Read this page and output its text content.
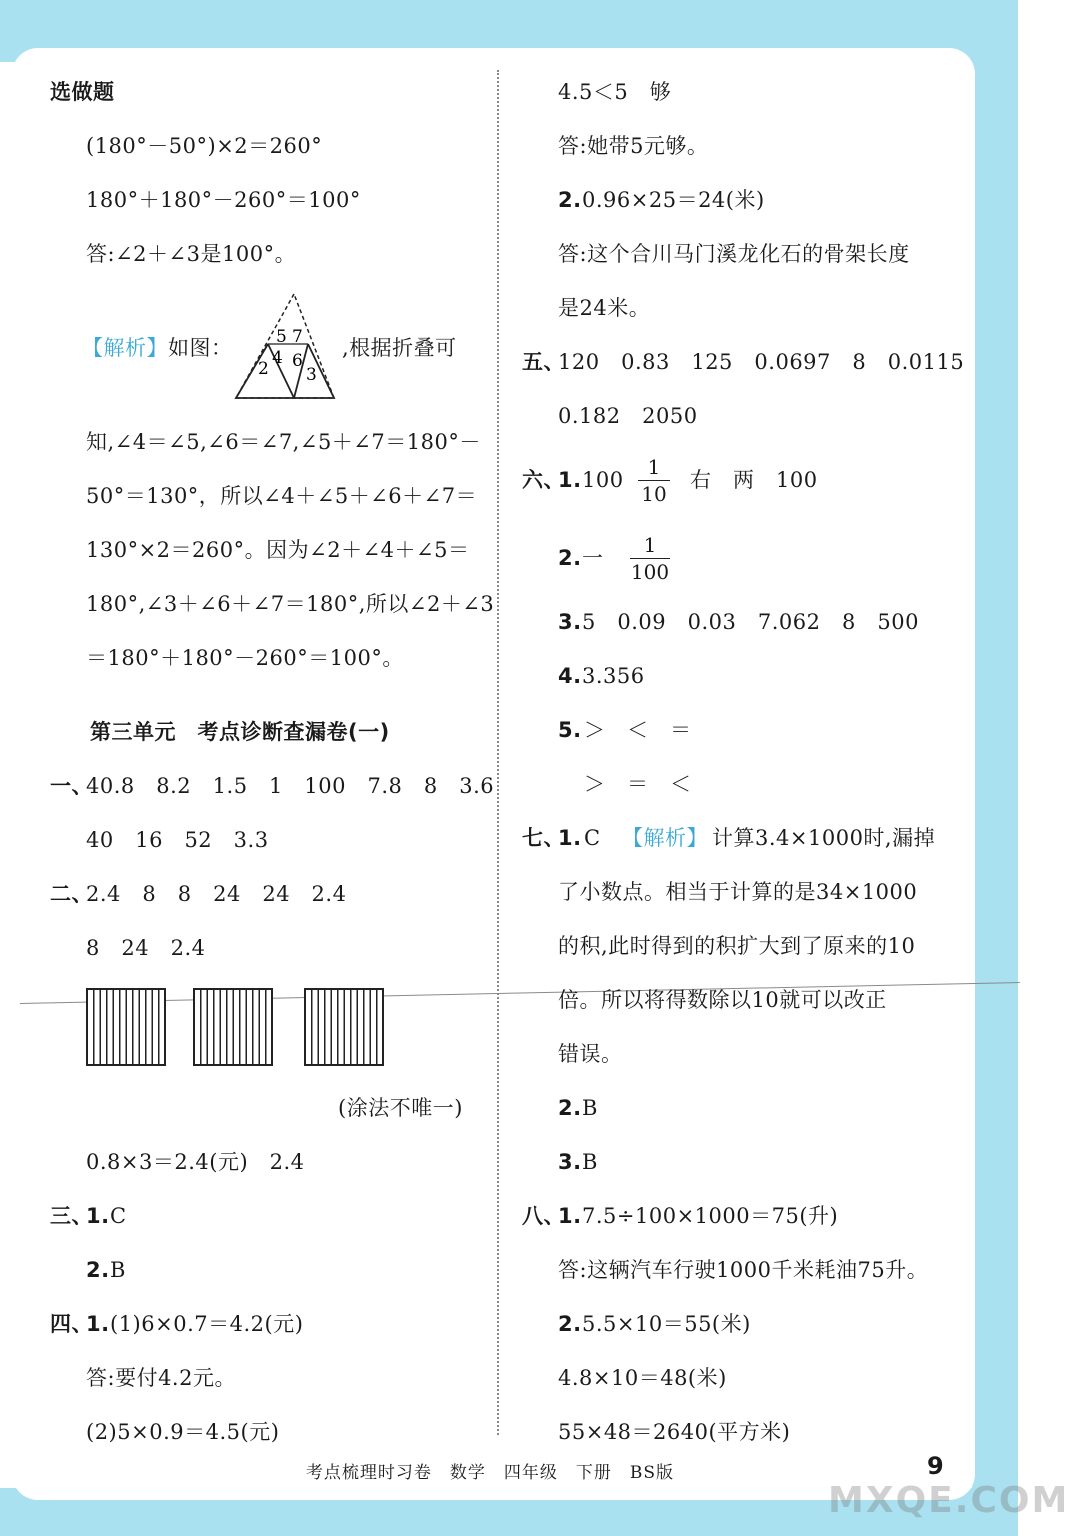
选做题
(180°－50°)×2＝260°
180°＋180°－260°＝100°
答:∠2＋∠3是100°。
【解析】如图：	5 7
4 6
2 3
,根据折叠可
知,∠4＝∠5,∠6＝∠7,∠5＋∠7＝180°－
50°＝130°，所以∠4＋∠5＋∠6＋∠7＝
130°×2＝260°。因为∠2＋∠4＋∠5＝
180°,∠3＋∠6＋∠7＝180°,所以∠2＋∠3
＝180°＋180°－260°＝100°。
第三单元　考点诊断查漏卷(一)
一、
40.8　8.2　1.5　1　100　7.8　8　3.6
40　16　52　3.3
二、
2.4　8　8　24　24　2.4
8　24　2.4
(涂法不唯一)
0.8×3＝2.4(元)　2.4
三、
1. C
2. B
四、
1. (1)6×0.7＝4.2(元)
答:要付4.2元。
(2)5×0.9＝4.5(元)
4.5＜5　够
答:她带5元够。
2. 0.96×25＝24(米)
答:这个合川马门溪龙化石的骨架长度
是24米。
五、
120　0.83　125　0.0697　8　0.0115
0.182　2050
六、
1. 100
1
10
右　两　100
2. 一
1
100
3. 5　0.09　0.03　7.062　8　500
4. 3.356
5. ＞　＜　＝
＞　＝　＜
七、
1. C 【解析】 计算3.4×1000时,漏掉
了小数点。相当于计算的是34×1000
的积,此时得到的积扩大到了原来的10
倍。所以将得数除以10就可以改正
错误。
2. B
3. B
八、
1. 7.5÷100×1000＝75(升)
答:这辆汽车行驶1000千米耗油75升。
2. 5.5×10＝55(米)
4.8×10＝48(米)
55×48＝2640(平方米)
考点梳理时习卷　数学　四年级　下册　BS版	9
MXQE.COM
